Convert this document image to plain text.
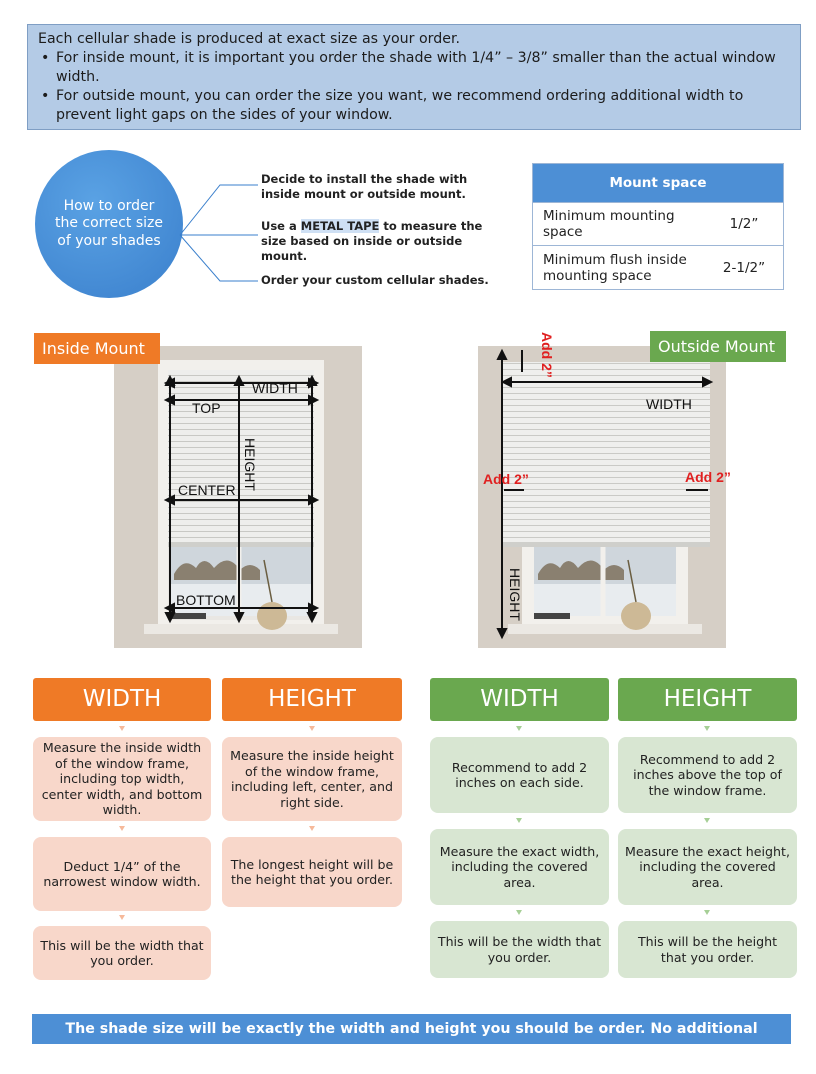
Each cellular shade is produced at exact size as your order.
• For inside mount, it is important you order the shade with 1/4” – 3/8” smaller than the actual window width.
• For outside mount, you can order the size you want, we recommend ordering additional width to prevent light gaps on the sides of your window.
How to order the correct size of your shades
Decide to install the shade with inside mount or outside mount.
Use a METAL TAPE to measure the size based on inside or outside mount.
Order your custom cellular shades.
Mount space
Minimum mounting space	1/2”
Minimum flush inside mounting space	2-1/2”
WIDTH
TOP
CENTER
BOTTOM
HEIGHT
Inside Mount
WIDTH
Add 2”	Add 2”
Add 2”
HEIGHT
Outside Mount
WIDTH
Measure the inside width of the window frame, including top width, center width, and bottom width.
Deduct 1/4” of the narrowest window width.
This will be the width that you order.
HEIGHT
Measure the inside height of the window frame, including left, center, and right side.
The longest height will be the height that you order.
WIDTH
Recommend to add 2 inches on each side.
Measure the exact width, including the covered area.
This will be the width that you order.
HEIGHT
Recommend to add 2 inches above the top of the window frame.
Measure the exact height, including the covered area.
This will be the height that you order.
The shade size will be exactly the width and height you should be order. No additional deduction.
